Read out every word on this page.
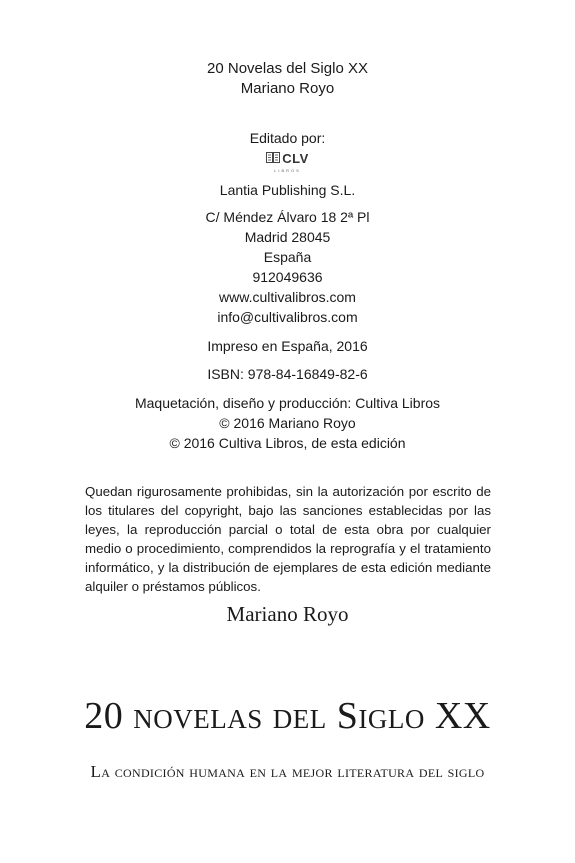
20 Novelas del Siglo XX
Mariano Royo
Editado por:
CLV
LIBROS
Lantia Publishing S.L.
C/ Méndez Álvaro 18 2ª Pl
Madrid 28045
España
912049636
www.cultivalibros.com
info@cultivalibros.com
Impreso en España, 2016
ISBN: 978-84-16849-82-6
Maquetación, diseño y producción: Cultiva Libros
© 2016 Mariano Royo
© 2016 Cultiva Libros, de esta edición
Quedan rigurosamente prohibidas, sin la autorización por escrito de los titulares del copyright, bajo las sanciones establecidas por las leyes, la reproducción parcial o total de esta obra por cualquier medio o procedimiento, comprendidos la reprografía y el tratamiento informático, y la distribución de ejemplares de esta edición mediante alquiler o préstamos públicos.
Mariano Royo
20 novelas del Siglo XX
La condición humana en la mejor literatura del siglo
